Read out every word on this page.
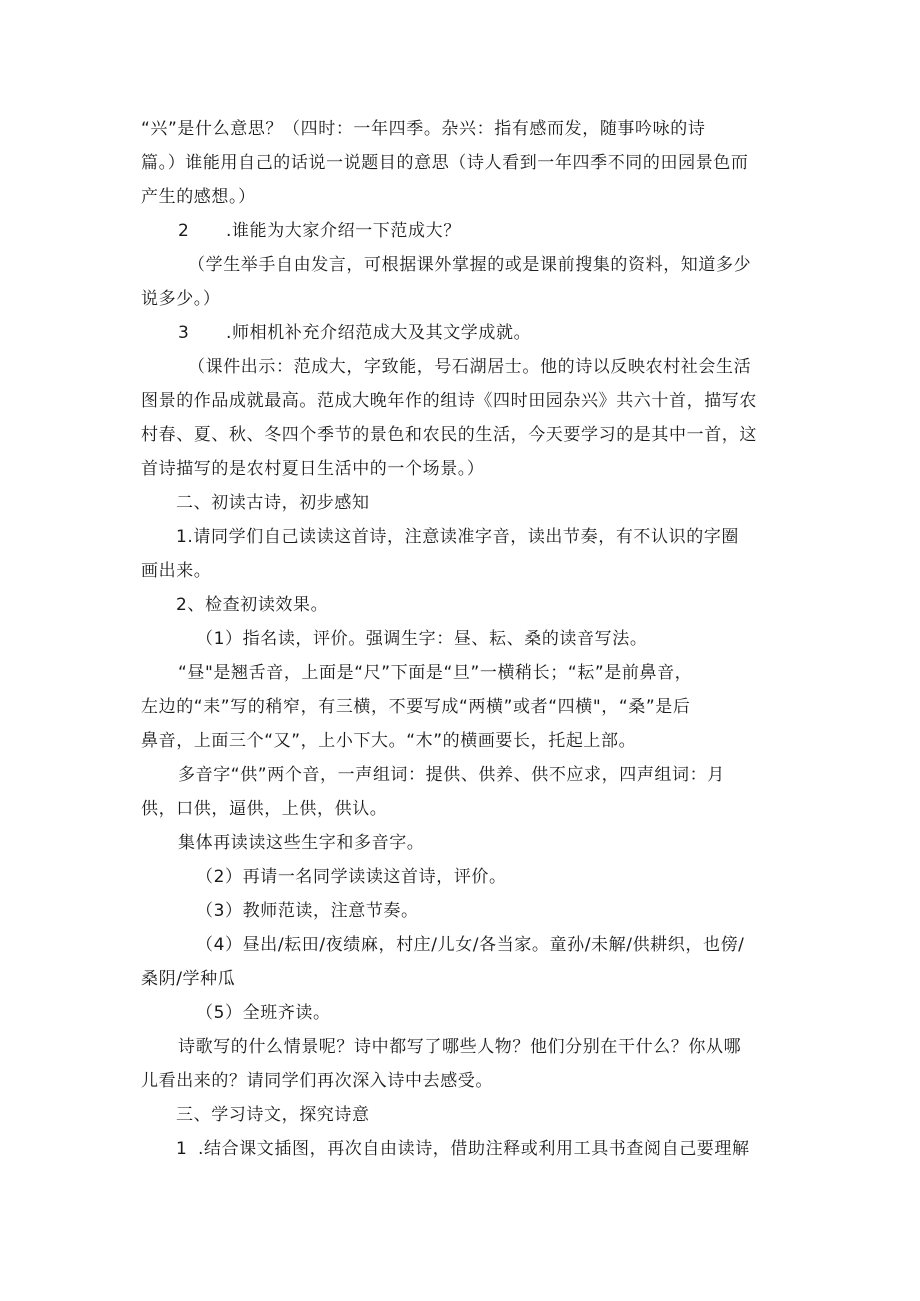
“兴”是什么意思？（四时：一年四季。杂兴：指有感而发，随事吟咏的诗
篇。）谁能用自己的话说一说题目的意思（诗人看到一年四季不同的田园景色而
产生的感想。）
2 .谁能为大家介绍一下范成大？
（学生举手自由发言，可根据课外掌握的或是课前搜集的资料，知道多少
说多少。）
3 .师相机补充介绍范成大及其文学成就。
（课件出示：范成大，字致能，号石湖居士。他的诗以反映农村社会生活
图景的作品成就最高。范成大晚年作的组诗《四时田园杂兴》共六十首，描写农
村春、夏、秋、冬四个季节的景色和农民的生活，今天要学习的是其中一首，这
首诗描写的是农村夏日生活中的一个场景。）
二、初读古诗，初步感知
1.请同学们自己读读这首诗，注意读准字音，读出节奏，有不认识的字圈
画出来。
2、检查初读效果。
（1）指名读，评价。强调生字：昼、耘、桑的读音写法。
“昼"是翘舌音，上面是“尺”下面是“旦”一横稍长；“耘”是前鼻音，
左边的“耒”写的稍窄，有三横，不要写成“两横”或者“四横"，“桑”是后
鼻音，上面三个“又”，上小下大。“木”的横画要长，托起上部。
多音字“供”两个音，一声组词：提供、供养、供不应求，四声组词：月
供，口供，逼供，上供，供认。
集体再读读这些生字和多音字。
（2）再请一名同学读读这首诗，评价。
（3）教师范读，注意节奏。
（4）昼出/耘田/夜绩麻，村庄/儿女/各当家。童孙/未解/供耕织，也傍/
桑阴/学种瓜
（5）全班齐读。
诗歌写的什么情景呢？诗中都写了哪些人物？他们分别在干什么？你从哪
儿看出来的？请同学们再次深入诗中去感受。
三、学习诗文，探究诗意
1 .结合课文插图，再次自由读诗，借助注释或利用工具书查阅自己要理解
